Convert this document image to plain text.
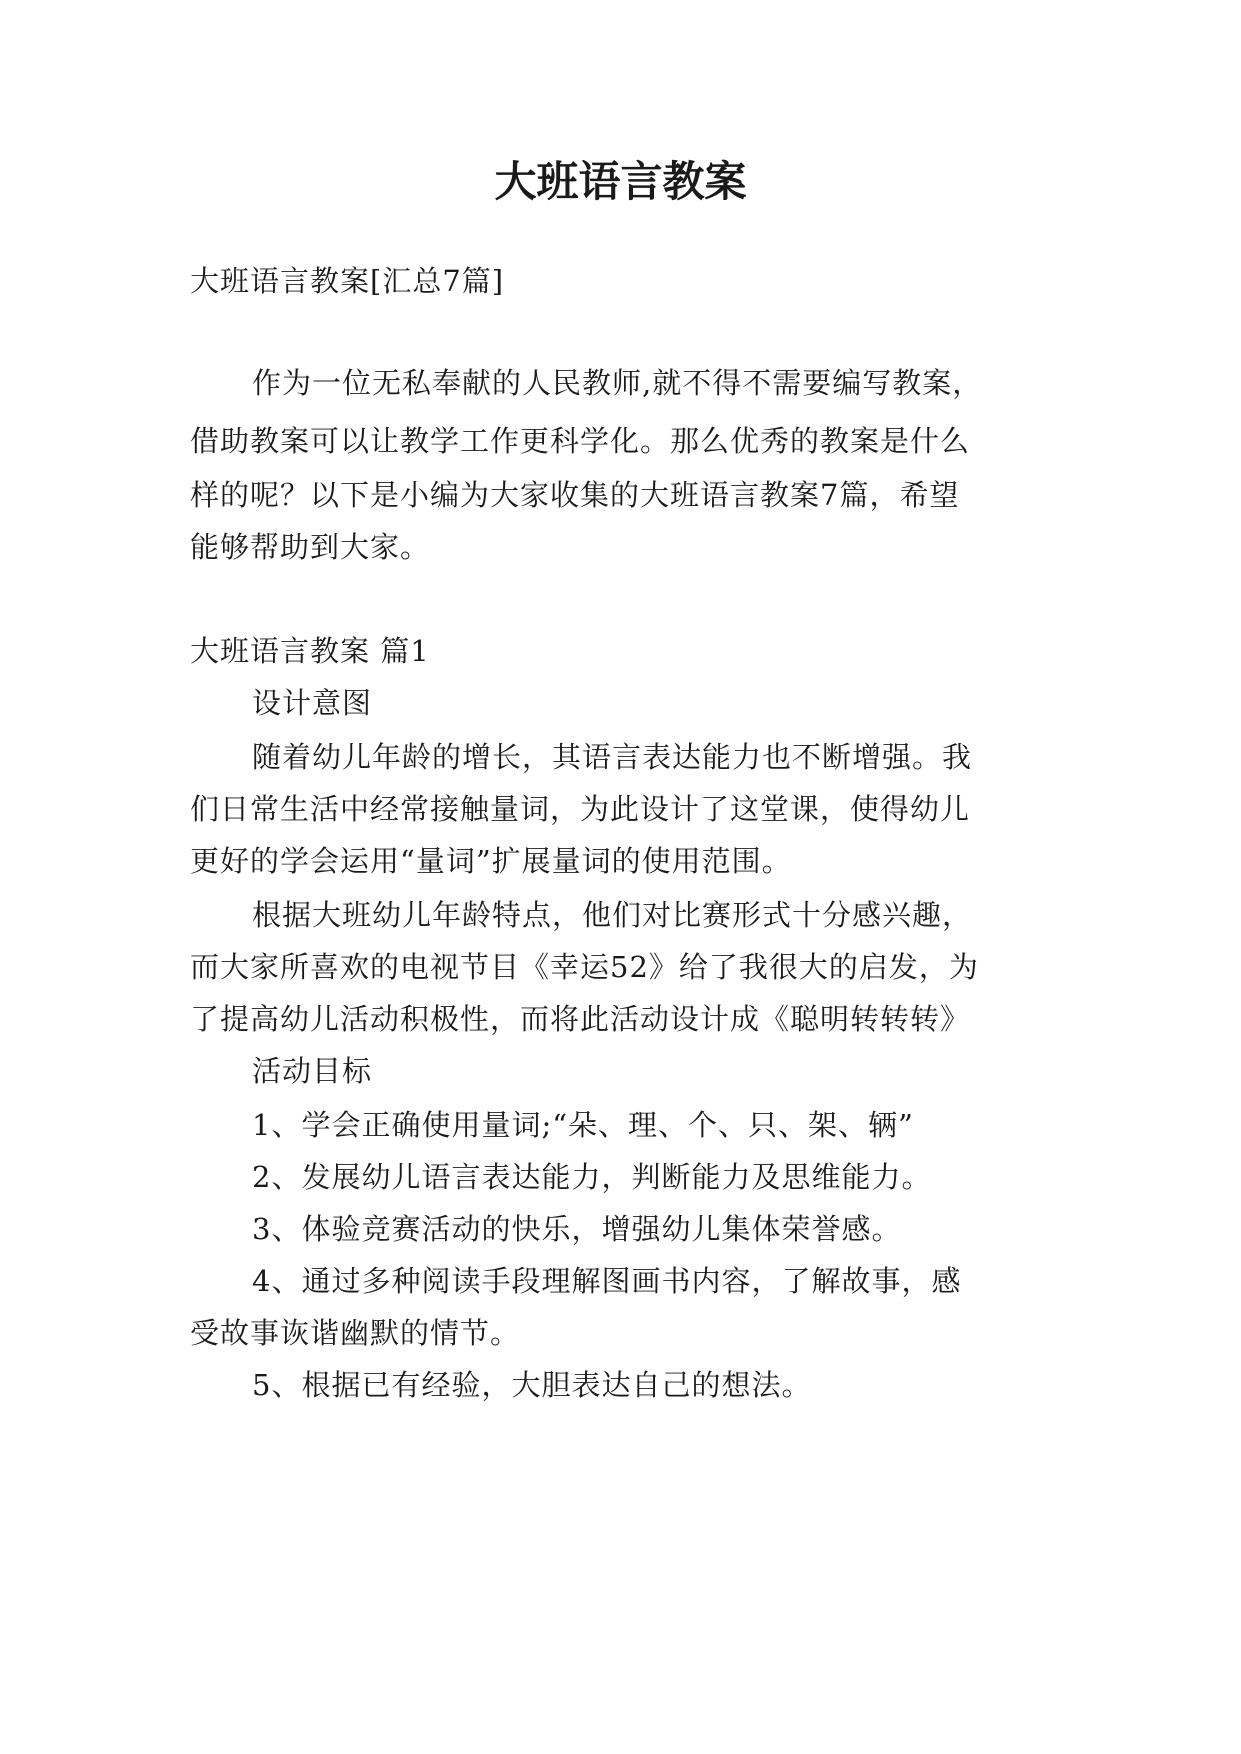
大班语言教案

大班语言教案[汇总7篇]

作为一位无私奉献的人民教师,就不得不需要编写教案，

借助教案可以让教学工作更科学化。那么优秀的教案是什么

样的呢？以下是小编为大家收集的大班语言教案7篇，希望

能够帮助到大家。

大班语言教案 篇1

设计意图

随着幼儿年龄的增长，其语言表达能力也不断增强。我

们日常生活中经常接触量词，为此设计了这堂课，使得幼儿

更好的学会运用“量词”扩展量词的使用范围。

根据大班幼儿年龄特点，他们对比赛形式十分感兴趣，

而大家所喜欢的电视节目《幸运52》给了我很大的启发，为

了提高幼儿活动积极性，而将此活动设计成《聪明转转转》

活动目标

1、学会正确使用量词;“朵、理、个、只、架、辆”

2、发展幼儿语言表达能力，判断能力及思维能力。

3、体验竞赛活动的快乐，增强幼儿集体荣誉感。

4、通过多种阅读手段理解图画书内容，了解故事，感

受故事诙谐幽默的情节。

5、根据已有经验，大胆表达自己的想法。
